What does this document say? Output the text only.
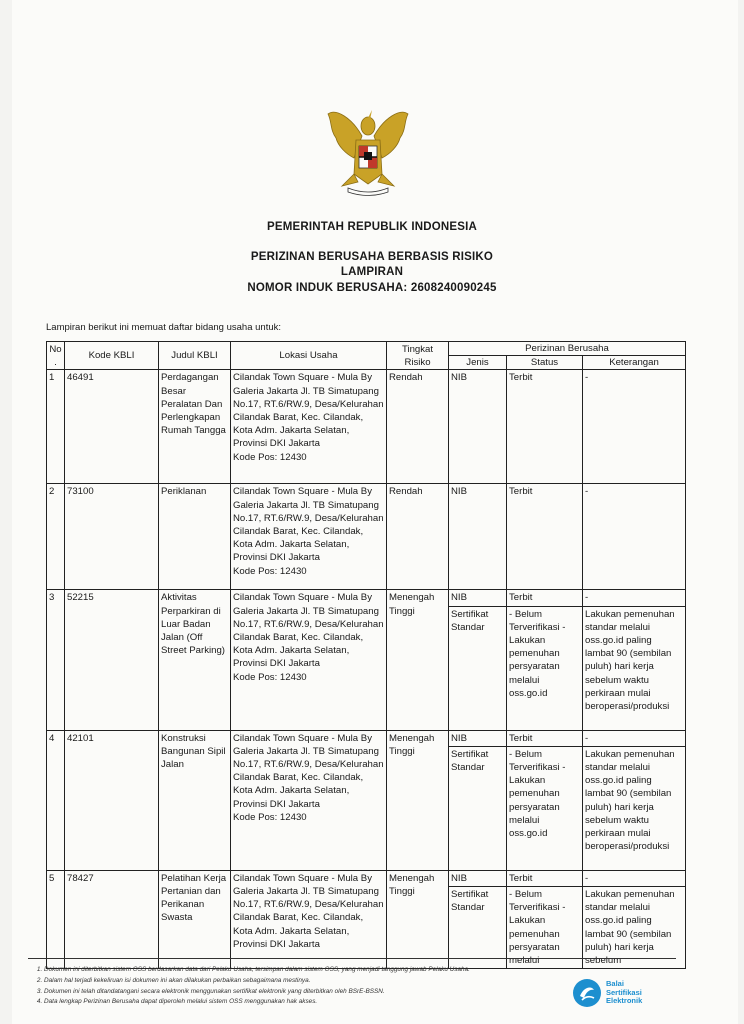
PEMERINTAH REPUBLIK INDONESIA
PERIZINAN BERUSAHA BERBASIS RISIKO
LAMPIRAN
NOMOR INDUK BERUSAHA: 2608240090245
Lampiran berikut ini memuat daftar bidang usaha untuk:
No.	Kode KBLI	Judul KBLI	Lokasi Usaha	Tingkat Risiko	Perizinan Berusaha		
					Jenis	Status	Keterangan
1	46491	Perdagangan Besar Peralatan Dan Perlengkapan Rumah Tangga	Cilandak Town Square - Mula By Galeria Jakarta Jl. TB Simatupang No.17, RT.6/RW.9, Desa/Kelurahan Cilandak Barat, Kec. Cilandak, Kota Adm. Jakarta Selatan, Provinsi DKI Jakarta
Kode Pos: 12430	Rendah	NIB	Terbit	-
2	73100	Periklanan	Cilandak Town Square - Mula By Galeria Jakarta Jl. TB Simatupang No.17, RT.6/RW.9, Desa/Kelurahan Cilandak Barat, Kec. Cilandak, Kota Adm. Jakarta Selatan, Provinsi DKI Jakarta
Kode Pos: 12430	Rendah	NIB	Terbit	-
3	52215	Aktivitas Perparkiran di Luar Badan Jalan (Off Street Parking)	Cilandak Town Square - Mula By Galeria Jakarta Jl. TB Simatupang No.17, RT.6/RW.9, Desa/Kelurahan Cilandak Barat, Kec. Cilandak, Kota Adm. Jakarta Selatan, Provinsi DKI Jakarta
Kode Pos: 12430	Menengah Tinggi	NIB	Terbit	-
					Sertifikat Standar	- Belum Terverifikasi - Lakukan pemenuhan persyaratan melalui oss.go.id	Lakukan pemenuhan standar melalui oss.go.id paling lambat 90 (sembilan puluh) hari kerja sebelum waktu perkiraan mulai beroperasi/produksi
4	42101	Konstruksi Bangunan Sipil Jalan	Cilandak Town Square - Mula By Galeria Jakarta Jl. TB Simatupang No.17, RT.6/RW.9, Desa/Kelurahan Cilandak Barat, Kec. Cilandak, Kota Adm. Jakarta Selatan, Provinsi DKI Jakarta
Kode Pos: 12430	Menengah Tinggi	NIB	Terbit	-
					Sertifikat Standar	- Belum Terverifikasi - Lakukan pemenuhan persyaratan melalui oss.go.id	Lakukan pemenuhan standar melalui oss.go.id paling lambat 90 (sembilan puluh) hari kerja sebelum waktu perkiraan mulai beroperasi/produksi
5	78427	Pelatihan Kerja Pertanian dan Perikanan Swasta	Cilandak Town Square - Mula By Galeria Jakarta Jl. TB Simatupang No.17, RT.6/RW.9, Desa/Kelurahan Cilandak Barat, Kec. Cilandak, Kota Adm. Jakarta Selatan, Provinsi DKI Jakarta	Menengah Tinggi	NIB	Terbit	-
					Sertifikat Standar	- Belum Terverifikasi - Lakukan pemenuhan persyaratan melalui	Lakukan pemenuhan standar melalui oss.go.id paling lambat 90 (sembilan puluh) hari kerja sebelum
1. Dokumen ini diterbitkan sistem OSS berdasarkan data dari Pelaku Usaha, tersimpan dalam sistem OSS, yang menjadi tanggung jawab Pelaku Usaha.
2. Dalam hal terjadi kekeliruan isi dokumen ini akan dilakukan perbaikan sebagaimana mestinya.
3. Dokumen ini telah ditandatangani secara elektronik menggunakan sertifikat elektronik yang diterbitkan oleh BSrE-BSSN.
4. Data lengkap Perizinan Berusaha dapat diperoleh melalui sistem OSS menggunakan hak akses.
Balai
Sertifikasi
Elektronik
